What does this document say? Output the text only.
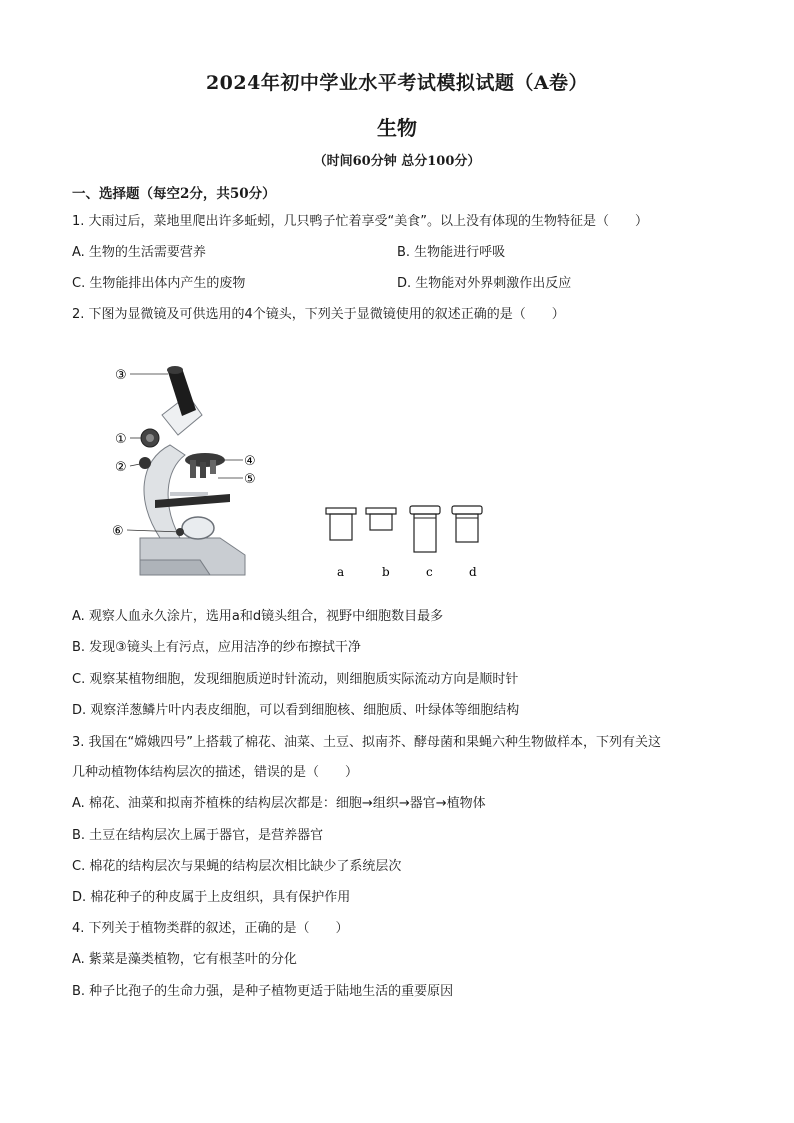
2024年初中学业水平考试模拟试题（A卷）
生物
（时间60分钟 总分100分）
一、选择题（每空2分，共50分）
1. 大雨过后，菜地里爬出许多蚯蚓，几只鸭子忙着享受“美食”。以上没有体现的生物特征是（　　）
A. 生物的生活需要营养	B. 生物能进行呼吸
C. 生物能排出体内产生的废物	D. 生物能对外界刺激作出反应
2. 下图为显微镜及可供选用的4个镜头，下列关于显微镜使用的叙述正确的是（　　）
③
①
②	④
⑤
⑥
a	b	c	d
A. 观察人血永久涂片，选用a和d镜头组合，视野中细胞数目最多
B. 发现③镜头上有污点，应用洁净的纱布擦拭干净
C. 观察某植物细胞，发现细胞质逆时针流动，则细胞质实际流动方向是顺时针
D. 观察洋葱鳞片叶内表皮细胞，可以看到细胞核、细胞质、叶绿体等细胞结构
3. 我国在“嫦娥四号”上搭载了棉花、油菜、土豆、拟南芥、酵母菌和果蝇六种生物做样本，下列有关这
几种动植物体结构层次的描述，错误的是（　　）
A. 棉花、油菜和拟南芥植株的结构层次都是：细胞→组织→器官→植物体
B. 土豆在结构层次上属于器官，是营养器官
C. 棉花的结构层次与果蝇的结构层次相比缺少了系统层次
D. 棉花种子的种皮属于上皮组织，具有保护作用
4. 下列关于植物类群的叙述，正确的是（　　）
A. 紫菜是藻类植物，它有根茎叶的分化
B. 种子比孢子的生命力强，是种子植物更适于陆地生活的重要原因
